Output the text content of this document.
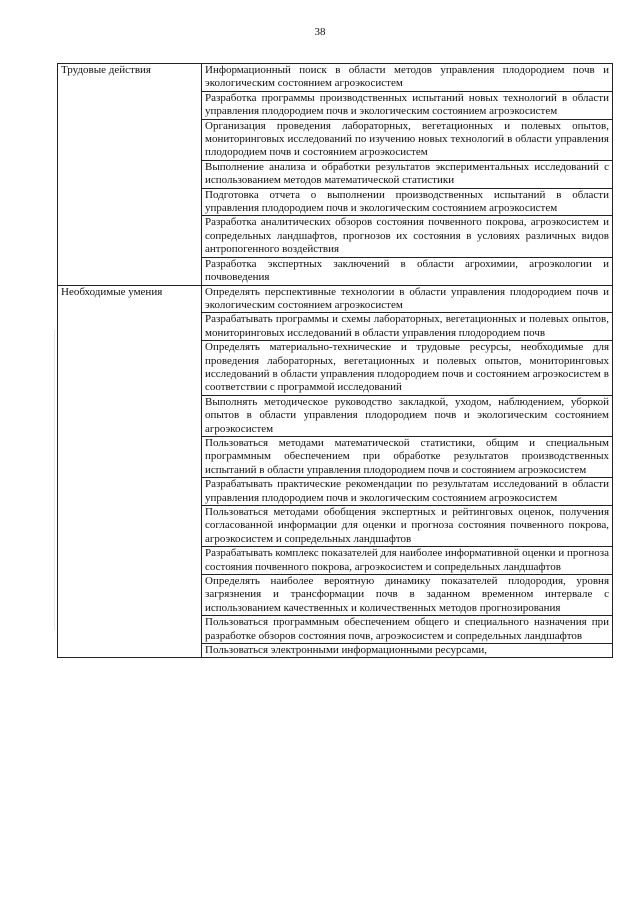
38
Трудовые действия	Информационный поиск в области методов управления плодородием почв и экологическим состоянием агроэкосистем
	Разработка программы производственных испытаний новых технологий в области управления плодородием почв и экологическим состоянием агроэкосистем
	Организация проведения лабораторных, вегетационных и полевых опытов, мониторинговых исследований по изучению новых технологий в области управления плодородием почв и состоянием агроэкосистем
	Выполнение анализа и обработки результатов экспериментальных исследований с использованием методов математической статистики
	Подготовка отчета о выполнении производственных испытаний в области управления плодородием почв и экологическим состоянием агроэкосистем
	Разработка аналитических обзоров состояния почвенного покрова, агроэкосистем и сопредельных ландшафтов, прогнозов их состояния в условиях различных видов антропогенного воздействия
	Разработка экспертных заключений в области агрохимии, агроэкологии и почвоведения
Необходимые умения	Определять перспективные технологии в области управления плодородием почв и экологическим состоянием агроэкосистем
	Разрабатывать программы и схемы лабораторных, вегетационных и полевых опытов, мониторинговых исследований в области управления плодородием почв
	Определять материально-технические и трудовые ресурсы, необходимые для проведения лабораторных, вегетационных и полевых опытов, мониторинговых исследований в области управления плодородием почв и состоянием агроэкосистем в соответствии с программой исследований
	Выполнять методическое руководство закладкой, уходом, наблюдением, уборкой опытов в области управления плодородием почв и экологическим состоянием агроэкосистем
	Пользоваться методами математической статистики, общим и специальным программным обеспечением при обработке результатов производственных испытаний в области управления плодородием почв и состоянием агроэкосистем
	Разрабатывать практические рекомендации по результатам исследований в области управления плодородием почв и экологическим состоянием агроэкосистем
	Пользоваться методами обобщения экспертных и рейтинговых оценок, получения согласованной информации для оценки и прогноза состояния почвенного покрова, агроэкосистем и сопредельных ландшафтов
	Разрабатывать комплекс показателей для наиболее информативной оценки и прогноза состояния почвенного покрова, агроэкосистем и сопредельных ландшафтов
	Определять наиболее вероятную динамику показателей плодородия, уровня загрязнения и трансформации почв в заданном временном интервале с использованием качественных и количественных методов прогнозирования
	Пользоваться программным обеспечением общего и специального назначения при разработке обзоров состояния почв, агроэкосистем и сопредельных ландшафтов
	Пользоваться электронными информационными ресурсами,
